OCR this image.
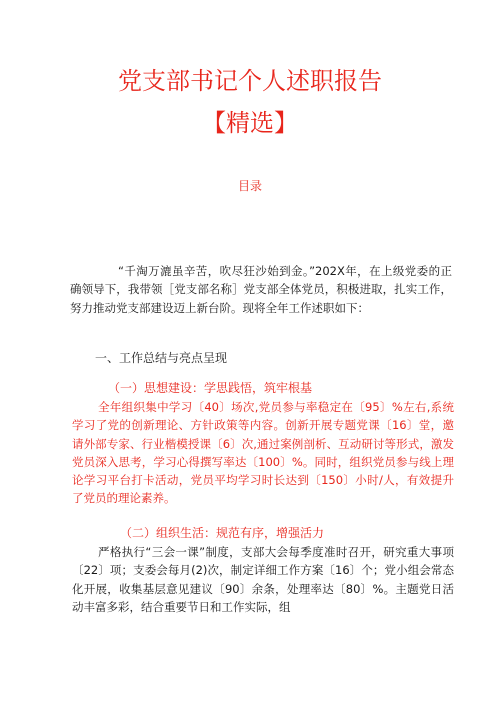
党支部书记个人述职报告
【精选】
目录
“千淘万漉虽辛苦，吹尽狂沙始到金。”202X年，在上级党委的正确领导下，我带领［党支部名称］党支部全体党员，积极进取，扎实工作，努力推动党支部建设迈上新台阶。现将全年工作述职如下：
一、工作总结与亮点呈现
（一）思想建设：学思践悟，筑牢根基
全年组织集中学习〔40〕场次,党员参与率稳定在〔95〕%左右,系统学习了党的创新理论、方针政策等内容。创新开展专题党课〔16〕堂，邀请外部专家、行业楷模授课〔6〕次,通过案例剖析、互动研讨等形式，激发党员深入思考，学习心得撰写率达〔100〕%。同时，组织党员参与线上理论学习平台打卡活动，党员平均学习时长达到〔150〕小时/人，有效提升了党员的理论素养。
（二）组织生活：规范有序，增强活力
严格执行“三会一课”制度，支部大会每季度准时召开，研究重大事项〔22〕项；支委会每月(2)次，制定详细工作方案〔16〕个；党小组会常态化开展，收集基层意见建议〔90〕余条，处理率达〔80〕%。主题党日活动丰富多彩，结合重要节日和工作实际，组
